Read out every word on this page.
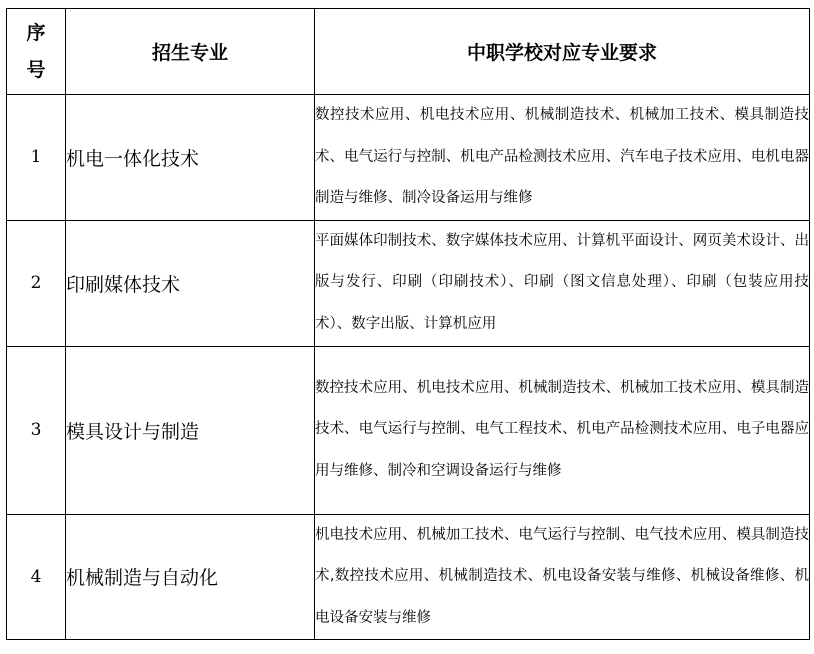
序
号	招生专业	中职学校对应专业要求
1	机电一体化技术	数控技术应用、机电技术应用、机械制造技术、机械加工技术、模具制造技术、电气运行与控制、机电产品检测技术应用、汽车电子技术应用、电机电器制造与维修、制冷设备运用与维修
2	印刷媒体技术	平面媒体印制技术、数字媒体技术应用、计算机平面设计、网页美术设计、出版与发行、印刷（印刷技术）、印刷（图文信息处理）、印刷（包装应用技术）、数字出版、计算机应用
3	模具设计与制造	数控技术应用、机电技术应用、机械制造技术、机械加工技术应用、模具制造技术、电气运行与控制、电气工程技术、机电产品检测技术应用、电子电器应用与维修、制冷和空调设备运行与维修
4	机械制造与自动化	机电技术应用、机械加工技术、电气运行与控制、电气技术应用、模具制造技术,数控技术应用、机械制造技术、机电设备安装与维修、机械设备维修、机电设备安装与维修
